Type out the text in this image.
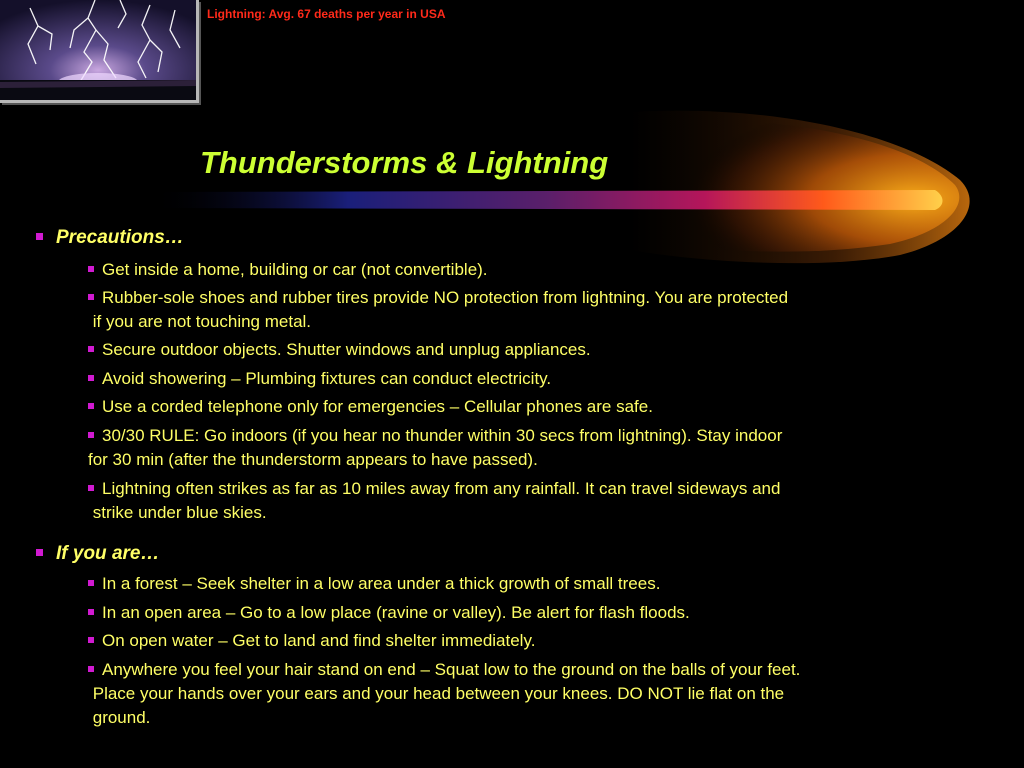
Lightning: Avg. 67 deaths per year in USA
Thunderstorms & Lightning
Precautions…
Get inside a home, building or car (not convertible).
Rubber-sole shoes and rubber tires provide NO protection from lightning. You are protected
if you are not touching metal.
Secure outdoor objects. Shutter windows and unplug appliances.
Avoid showering – Plumbing fixtures can conduct electricity.
Use a corded telephone only for emergencies – Cellular phones are safe.
30/30 RULE: Go indoors (if you hear no thunder within 30 secs from lightning). Stay indoor
for 30 min (after the thunderstorm appears to have passed).
Lightning often strikes as far as 10 miles away from any rainfall. It can travel sideways and
strike under blue skies.
If you are…
In a forest – Seek shelter in a low area under a thick growth of small trees.
In an open area – Go to a low place (ravine or valley). Be alert for flash floods.
On open water – Get to land and find shelter immediately.
Anywhere you feel your hair stand on end – Squat low to the ground on the balls of your feet.
Place your hands over your ears and your head between your knees. DO NOT lie flat on the
ground.
